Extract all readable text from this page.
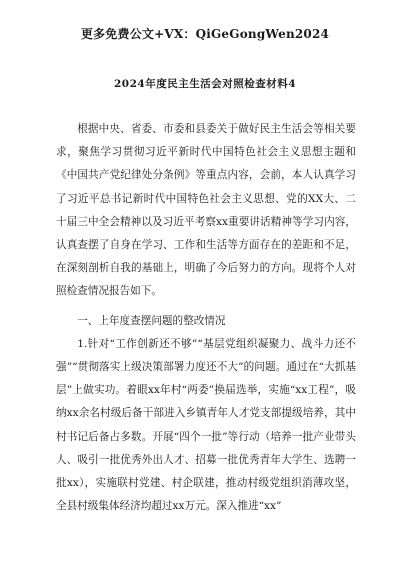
更多免费公文+VX：QiGeGongWen2024
2024年度民主生活会对照检查材料4

根据中央、省委、市委和县委关于做好民主生活会等相关要求，聚焦学习贯彻习近平新时代中国特色社会主义思想主题和《中国共产党纪律处分条例》等重点内容，会前，本人认真学习了习近平总书记新时代中国特色社会主义思想、党的XX大、二十届三中全会精神以及习近平考察xx重要讲话精神等学习内容，认真查摆了自身在学习、工作和生活等方面存在的差距和不足，在深刻剖析自我的基础上，明确了今后努力的方向。现将个人对照检查情况报告如下。

一、上年度查摆问题的整改情况

1.针对“工作创新还不够”“基层党组织凝聚力、战斗力还不强”“贯彻落实上级决策部署力度还不大”的问题。通过在“大抓基层”上做实功。着眼xx年村“两委”换届选举，实施“xx工程”，吸纳xx余名村级后备干部进入乡镇青年人才党支部提级培养，其中村书记后备占多数。开展“四个一批”等行动（培养一批产业带头人、吸引一批优秀外出人才、招募一批优秀青年大学生、选聘一批xx），实施联村党建、村企联建，推动村级党组织消薄攻坚，全县村级集体经济均超过xx万元。深入推进“xx”
